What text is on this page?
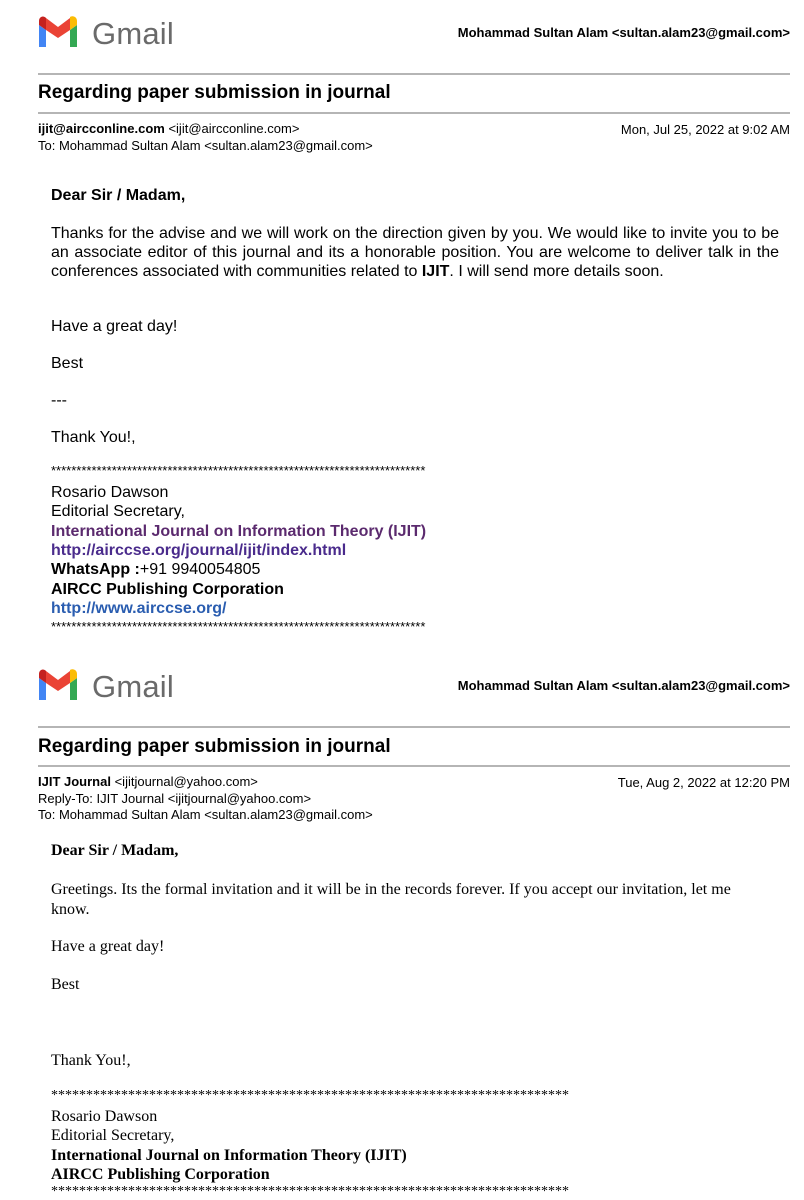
Gmail	Mohammad Sultan Alam <sultan.alam23@gmail.com>
Regarding paper submission in journal
ijit@aircconline.com <ijit@aircconline.com>	Mon, Jul 25, 2022 at 9:02 AM
To: Mohammad Sultan Alam <sultan.alam23@gmail.com>
Dear Sir / Madam,
Thanks for the advise and we will work on the direction given by you. We would like to invite you to be an associate editor of this journal and its a honorable position. You are welcome to deliver talk in the conferences associated with communities related to IJIT. I will send more details soon.
Have a great day!
Best
---
Thank You!,
**************************************************************************
Rosario Dawson
Editorial Secretary,
International Journal on Information Theory (IJIT)
http://airccse.org/journal/ijit/index.html
WhatsApp :+91 9940054805
AIRCC Publishing Corporation
http://www.airccse.org/
**************************************************************************
Gmail	Mohammad Sultan Alam <sultan.alam23@gmail.com>
Regarding paper submission in journal
IJIT Journal <ijitjournal@yahoo.com>	Tue, Aug 2, 2022 at 12:20 PM
Reply-To: IJIT Journal <ijitjournal@yahoo.com>
To: Mohammad Sultan Alam <sultan.alam23@gmail.com>
Dear Sir / Madam,
Greetings. Its the formal invitation and it will be in the records forever. If you accept our invitation, let me know.
Have a great day!
Best
Thank You!,
**************************************************************************
Rosario Dawson
Editorial Secretary,
International Journal on Information Theory (IJIT)
AIRCC Publishing Corporation
**************************************************************************
